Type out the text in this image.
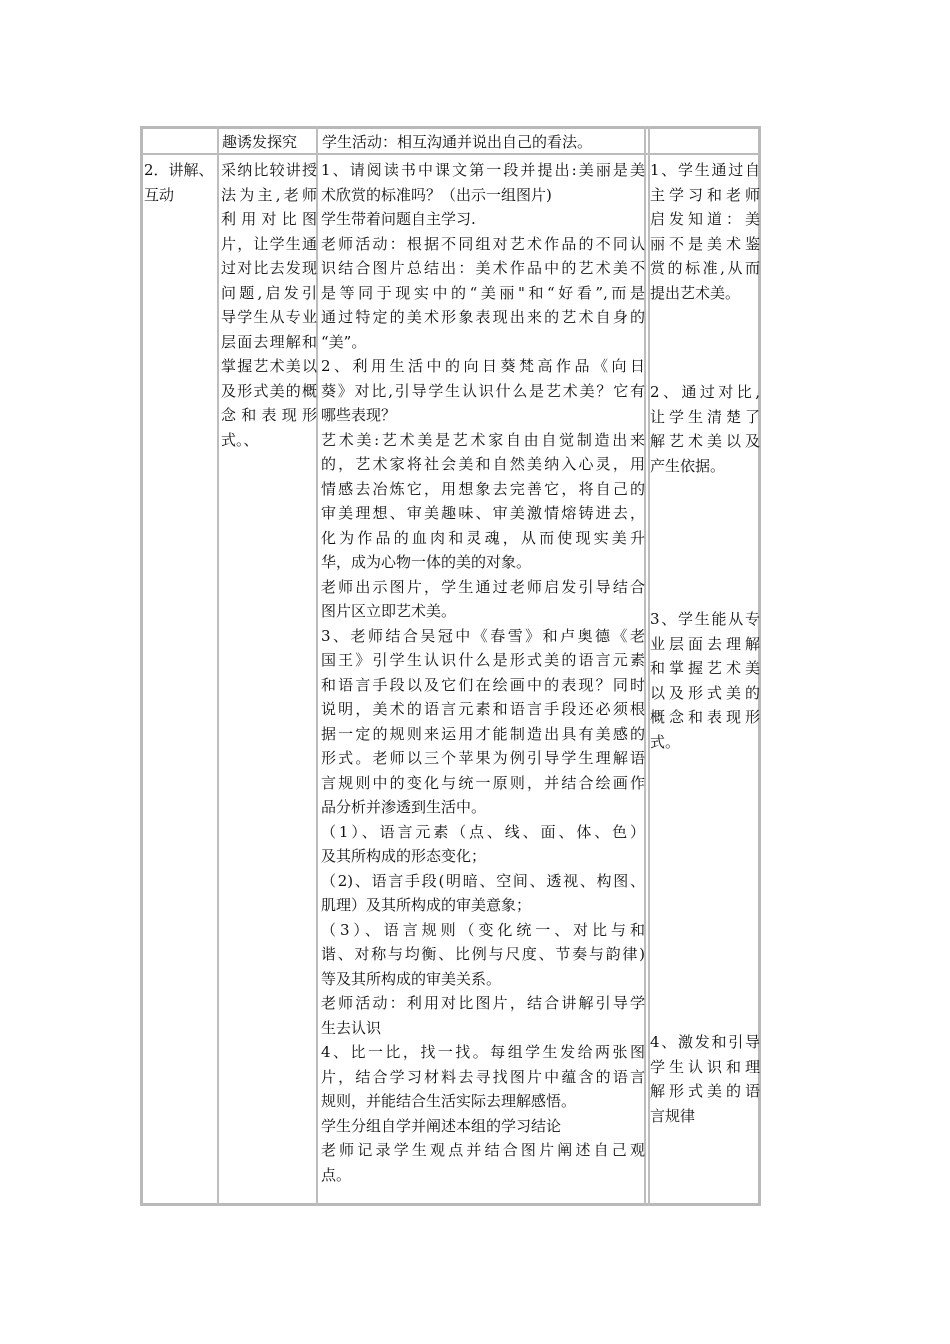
趣诱发探究 学生活动：相互沟通并说出自己的看法。
2．讲解、
互动
采纳比较讲授
法为主,老师
利用对比图
片，让学生通
过对比去发现
问题,启发引
导学生从专业
层面去理解和
掌握艺术美以
及形式美的概
念和表现形
式。、
1、请阅读书中课文第一段并提出:美丽是美
术欣赏的标准吗？（出示一组图片)
学生带着问题自主学习.
老师活动：根据不同组对艺术作品的不同认
识结合图片总结出：美术作品中的艺术美不
是等同于现实中的“美丽"和“好看”,而是
通过特定的美术形象表现出来的艺术自身的
“美”。
2、利用生活中的向日葵梵高作品《向日
葵》对比,引导学生认识什么是艺术美？它有
哪些表现？
艺术美:艺术美是艺术家自由自觉制造出来
的，艺术家将社会美和自然美纳入心灵，用
情感去冶炼它，用想象去完善它，将自己的
审美理想、审美趣味、审美激情熔铸进去，
化为作品的血肉和灵魂，从而使现实美升
华，成为心物一体的美的对象。
老师出示图片，学生通过老师启发引导结合
图片区立即艺术美。
3、老师结合吴冠中《春雪》和卢奥德《老
国王》引学生认识什么是形式美的语言元素
和语言手段以及它们在绘画中的表现？同时
说明，美术的语言元素和语言手段还必须根
据一定的规则来运用才能制造出具有美感的
形式。老师以三个苹果为例引导学生理解语
言规则中的变化与统一原则，并结合绘画作
品分析并渗透到生活中。
（1）、语言元素（点、线、面、体、色）
及其所构成的形态变化；
（2)、语言手段(明暗、空间、透视、构图、
肌理）及其所构成的审美意象；
（3）、语言规则（变化统一、对比与和
谐、对称与均衡、比例与尺度、节奏与韵律)
等及其所构成的审美关系。
老师活动：利用对比图片，结合讲解引导学
生去认识
4、比一比，找一找。每组学生发给两张图
片，结合学习材料去寻找图片中蕴含的语言
规则，并能结合生活实际去理解感悟。
学生分组自学并阐述本组的学习结论
老师记录学生观点并结合图片阐述自己观
点。
1、学生通过自
主学习和老师
启发知道：美
丽不是美术鉴
赏的标准,从而
提出艺术美。
2、通过对比,
让学生清楚了
解艺术美以及
产生依据。
3、学生能从专
业层面去理解
和掌握艺术美
以及形式美的
概念和表现形
式。
4、激发和引导
学生认识和理
解形式美的语
言规律
